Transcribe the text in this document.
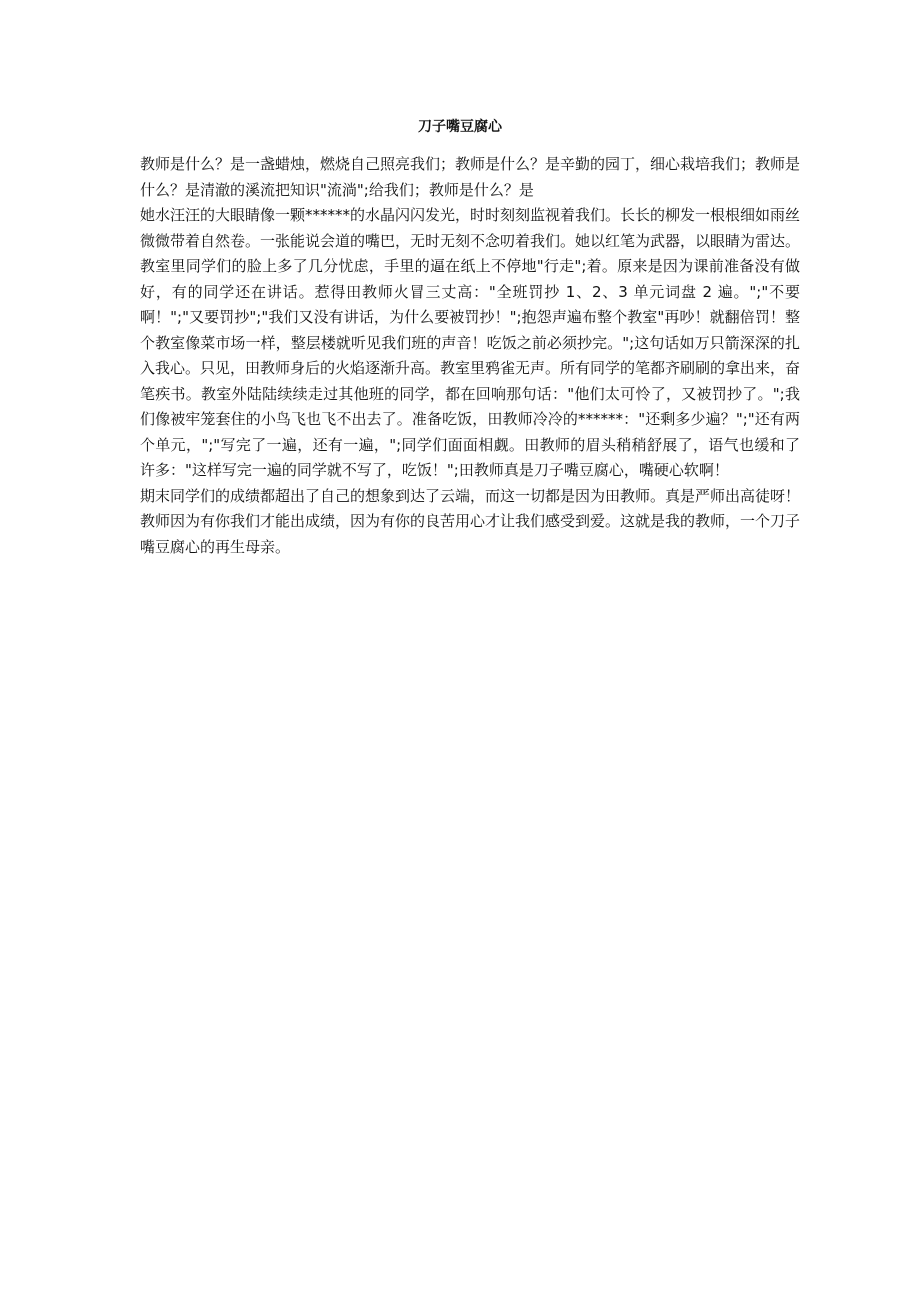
刀子嘴豆腐心

教师是什么？是一盏蜡烛，燃烧自己照亮我们；教师是什么？是辛勤的园丁，细心栽培我们；教师是什么？是清澈的溪流把知识"流淌";给我们；教师是什么？是

她水汪汪的大眼睛像一颗******的水晶闪闪发光，时时刻刻监视着我们。长长的柳发一根根细如雨丝微微带着自然卷。一张能说会道的嘴巴，无时无刻不念叨着我们。她以红笔为武器，以眼睛为雷达。

教室里同学们的脸上多了几分忧虑，手里的逼在纸上不停地"行走";着。原来是因为课前准备没有做好，有的同学还在讲话。惹得田教师火冒三丈高："全班罚抄 1、2、3 单元词盘 2 遍。";"不要啊！";"又要罚抄";"我们又没有讲话，为什么要被罚抄！";抱怨声遍布整个教室"再吵！就翻倍罚！整个教室像菜市场一样，整层楼就听见我们班的声音！吃饭之前必须抄完。";这句话如万只箭深深的扎入我心。只见，田教师身后的火焰逐渐升高。教室里鸦雀无声。所有同学的笔都齐刷刷的拿出来，奋笔疾书。教室外陆陆续续走过其他班的同学，都在回响那句话："他们太可怜了，又被罚抄了。";我们像被牢笼套住的小鸟飞也飞不出去了。准备吃饭，田教师冷冷的******："还剩多少遍？";"还有两个单元，";"写完了一遍，还有一遍，";同学们面面相觑。田教师的眉头稍稍舒展了，语气也缓和了许多："这样写完一遍的同学就不写了，吃饭！";田教师真是刀子嘴豆腐心，嘴硬心软啊！

期末同学们的成绩都超出了自己的想象到达了云端，而这一切都是因为田教师。真是严师出高徒呀！

教师因为有你我们才能出成绩，因为有你的良苦用心才让我们感受到爱。这就是我的教师，一个刀子嘴豆腐心的再生母亲。
